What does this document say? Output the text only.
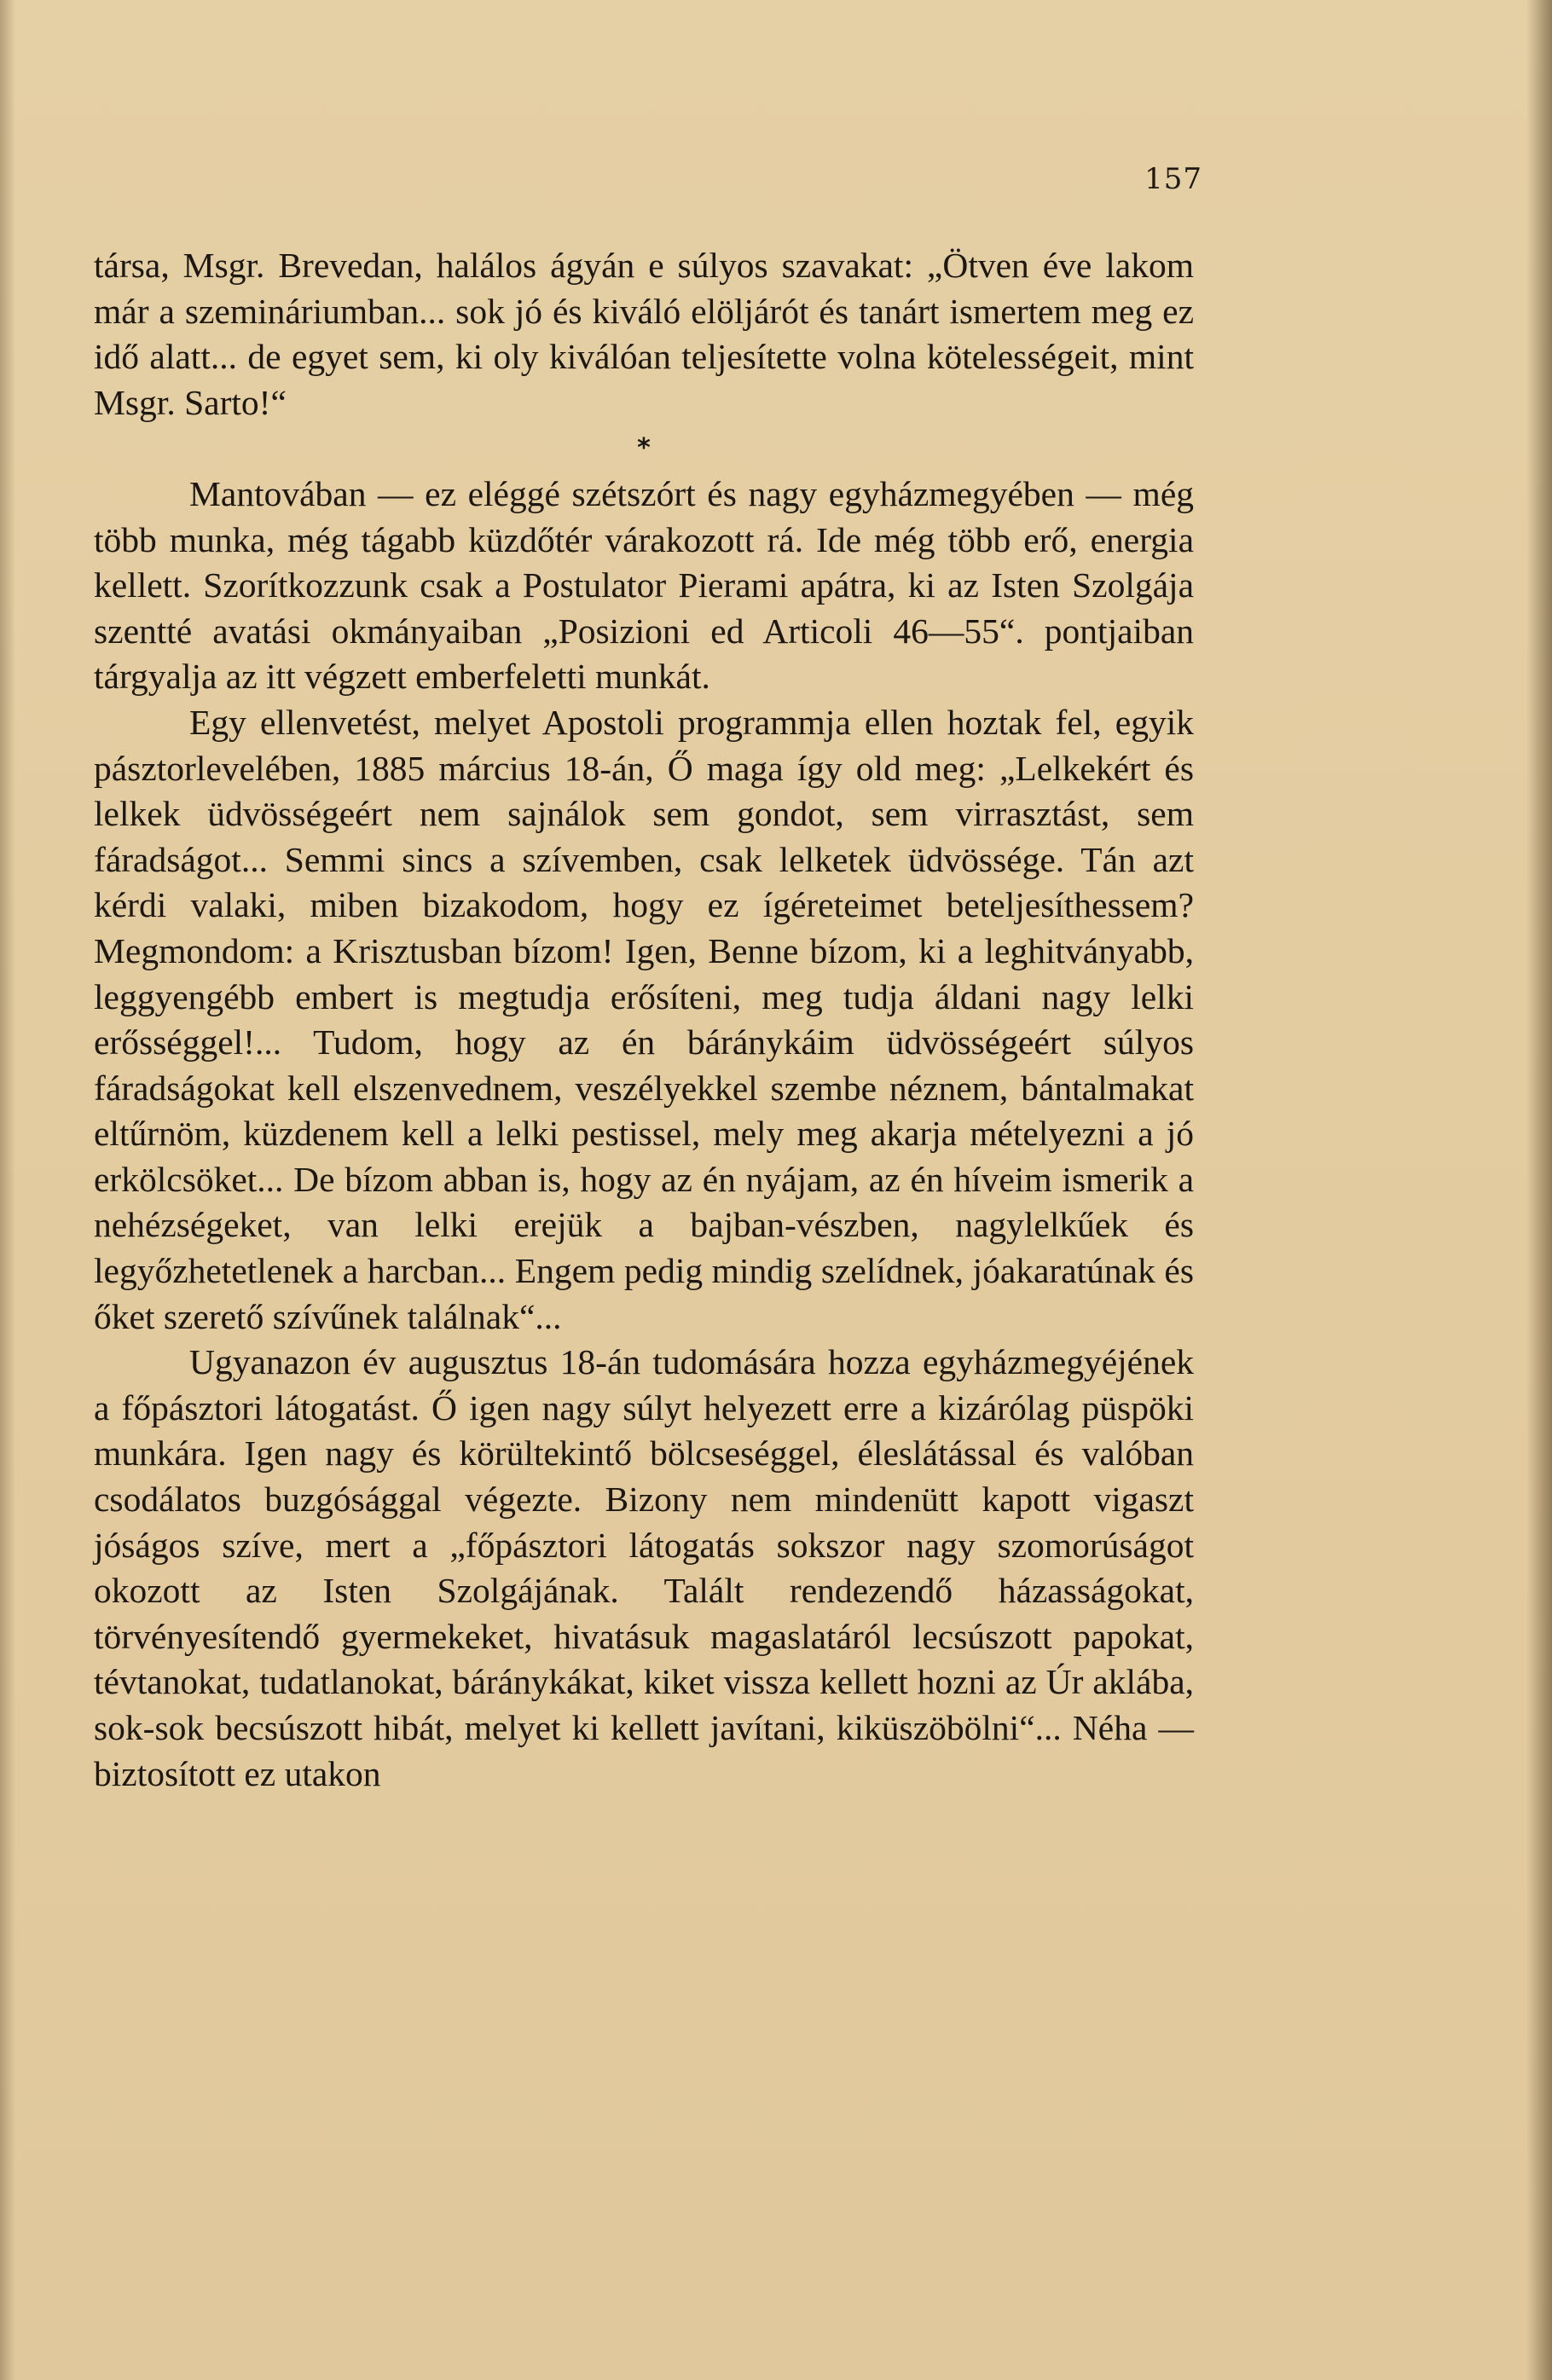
157

társa, Msgr. Brevedan, halálos ágyán e súlyos szavakat: „Ötven éve lakom már a szemináriumban... sok jó és kiváló elöljárót és tanárt ismertem meg ez idő alatt... de egyet sem, ki oly kiválóan teljesítette volna kötelességeit, mint Msgr. Sarto!“

*

Mantovában — ez eléggé szétszórt és nagy egyházmegyében — még több munka, még tágabb küzdőtér várakozott rá. Ide még több erő, energia kellett. Szorítkozzunk csak a Postulator Pierami apátra, ki az Isten Szolgája szentté avatási okmányaiban „Posizioni ed Articoli 46—55“. pontjaiban tárgyalja az itt végzett emberfeletti munkát.

Egy ellenvetést, melyet Apostoli programmja ellen hoztak fel, egyik pásztorlevelében, 1885 március 18-án, Ő maga így old meg: „Lelkekért és lelkek üdvösségeért nem sajnálok sem gondot, sem virrasztást, sem fáradságot... Semmi sincs a szívemben, csak lelketek üdvössége. Tán azt kérdi valaki, miben bizakodom, hogy ez ígéreteimet beteljesíthessem? Megmondom: a Krisztusban bízom! Igen, Benne bízom, ki a leghitványabb, leggyengébb embert is megtudja erősíteni, meg tudja áldani nagy lelki erősséggel!... Tudom, hogy az én báránykáim üdvösségeért súlyos fáradságokat kell elszenvednem, veszélyekkel szembe néznem, bántalmakat eltűrnöm, küzdenem kell a lelki pestissel, mely meg akarja mételyezni a jó erkölcsöket... De bízom abban is, hogy az én nyájam, az én híveim ismerik a nehézségeket, van lelki erejük a bajban-vészben, nagylelkűek és legyőzhetetlenek a harcban... Engem pedig mindig szelídnek, jóakaratúnak és őket szerető szívűnek találnak“...

Ugyanazon év augusztus 18-án tudomására hozza egyházmegyéjének a főpásztori látogatást. Ő igen nagy súlyt helyezett erre a kizárólag püspöki munkára. Igen nagy és körültekintő bölcseséggel, éleslátással és valóban csodálatos buzgósággal végezte. Bizony nem mindenütt kapott vigaszt jóságos szíve, mert a „főpásztori látogatás sokszor nagy szomorúságot okozott az Isten Szolgájának. Talált rendezendő házasságokat, törvényesítendő gyermekeket, hivatásuk magaslatáról lecsúszott papokat, tévtanokat, tudatlanokat, báránykákat, kiket vissza kellett hozni az Úr aklába, sok-sok becsúszott hibát, melyet ki kellett javítani, kiküszöbölni“... Néha — biztosított ez utakon
